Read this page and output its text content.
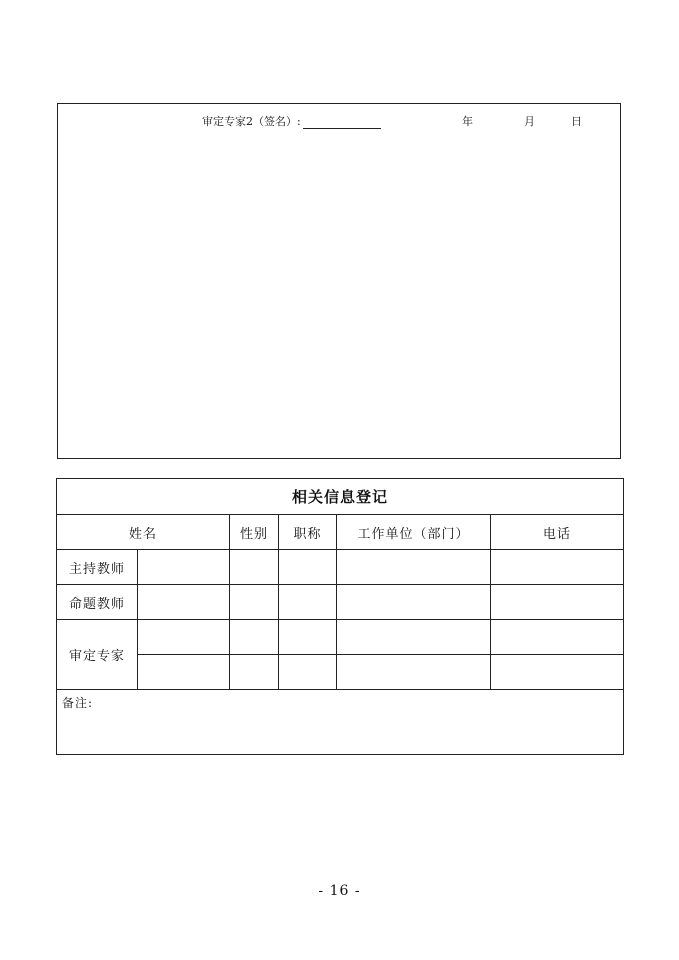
审定专家2（签名）:	年	月	日
相关信息登记					
姓名		性别	职称	工作单位（部门）	电话
主持教师					
命题教师					
审定专家					

备注:					
- 16 -
